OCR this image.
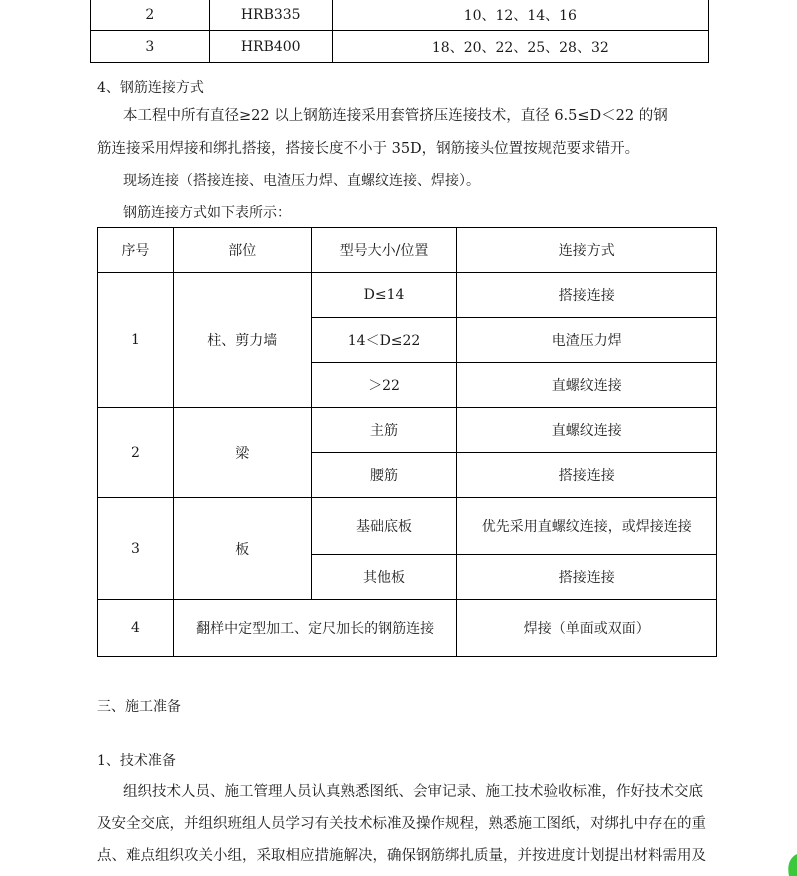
2	HRB335	10、12、14、16
3	HRB400	18、20、22、25、28、32
4、钢筋连接方式
本工程中所有直径≥22 以上钢筋连接采用套管挤压连接技术，直径 6.5≤D＜22 的钢
筋连接采用焊接和绑扎搭接，搭接长度不小于 35D，钢筋接头位置按规范要求错开。
现场连接（搭接连接、电渣压力焊、直螺纹连接、焊接）。
钢筋连接方式如下表所示：
序号	部位	型号大小/位置	连接方式
1	柱、剪力墙	D≤14	搭接连接
		14＜D≤22	电渣压力焊
		＞22	直螺纹连接
2	梁	主筋	直螺纹连接
		腰筋	搭接连接
3	板	基础底板	优先采用直螺纹连接，或焊接连接
		其他板	搭接连接
4	翻样中定型加工、定尺加长的钢筋连接		焊接（单面或双面）
三、施工准备
1、技术准备
组织技术人员、施工管理人员认真熟悉图纸、会审记录、施工技术验收标准，作好技术交底
及安全交底，并组织班组人员学习有关技术标准及操作规程，熟悉施工图纸，对绑扎中存在的重
点、难点组织攻关小组，采取相应措施解决，确保钢筋绑扎质量，并按进度计划提出材料需用及
